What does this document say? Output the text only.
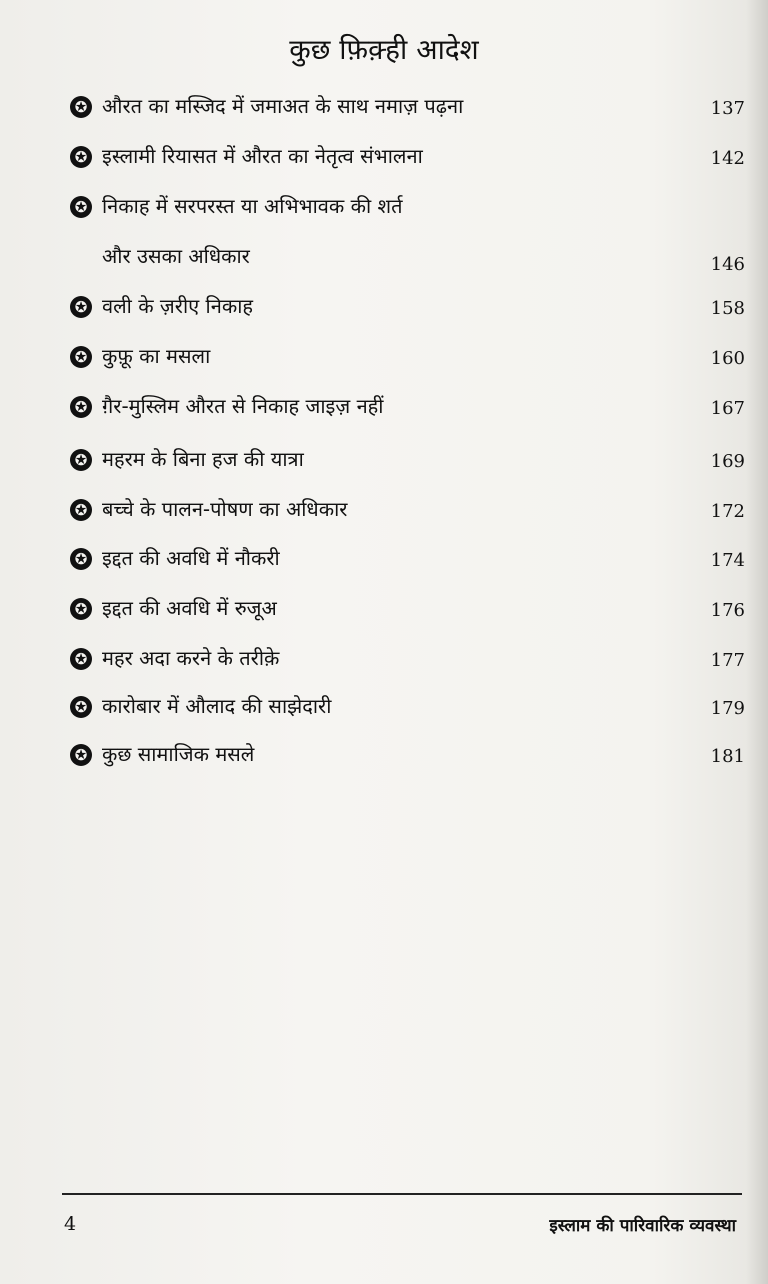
कुछ फ़िक़्ही आदेश
✪ औरत का मस्जिद में जमाअत के साथ नमाज़ पढ़ना	137
✪ इस्लामी रियासत में औरत का नेतृत्व संभालना	142
✪ निकाह में सरपरस्त या अभिभावक की शर्त
और उसका अधिकार	146
✪ वली के ज़रीए निकाह	158
✪ कुफ़ू का मसला	160
✪ ग़ैर-मुस्लिम औरत से निकाह जाइज़ नहीं	167
✪ महरम के बिना हज की यात्रा	169
✪ बच्चे के पालन-पोषण का अधिकार	172
✪ इद्दत की अवधि में नौकरी	174
✪ इद्दत की अवधि में रुजूअ	176
✪ महर अदा करने के तरीक़े	177
✪ कारोबार में औलाद की साझेदारी	179
✪ कुछ सामाजिक मसले	181
4	इस्लाम की पारिवारिक व्यवस्था
